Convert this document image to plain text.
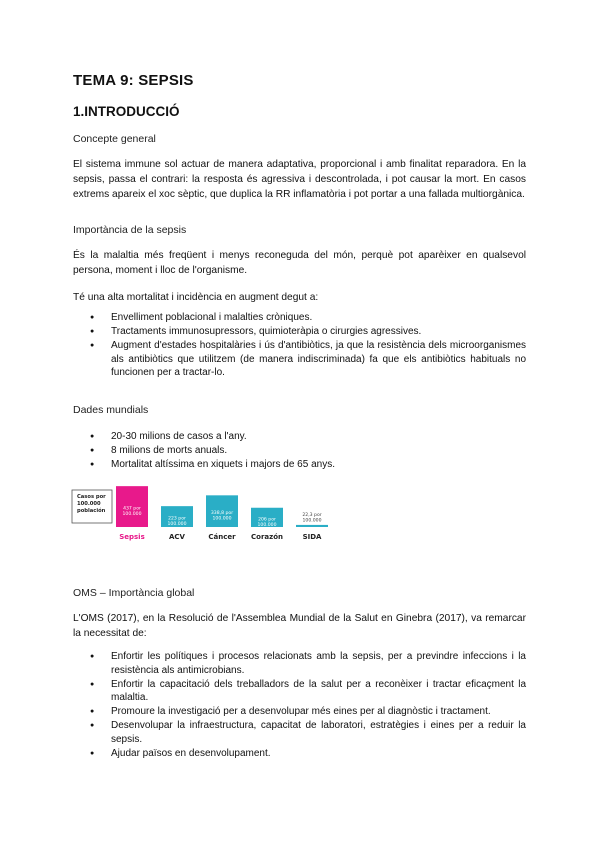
TEMA 9: SEPSIS
1.INTRODUCCIÓ
Concepte general
El sistema immune sol actuar de manera adaptativa, proporcional i amb finalitat reparadora. En la sepsis, passa el contrari: la resposta és agressiva i descontrolada, i pot causar la mort. En casos extrems apareix el xoc sèptic, que duplica la RR inflamatòria i pot portar a una fallada multiorgànica.
Importància de la sepsis
És la malaltia més freqüent i menys reconeguda del món, perquè pot aparèixer en qualsevol persona, moment i lloc de l'organisme.
Té una alta mortalitat i incidència en augment degut a:
● Envelliment poblacional i malalties cròniques.
● Tractaments immunosupressors, quimioteràpia o cirurgies agressives.
● Augment d'estades hospitalàries i ús d'antibiòtics, ja que la resistència dels microorganismes als antibiòtics que utilitzem (de manera indiscriminada) fa que els antibiòtics habituals no funcionen per a tractar-lo.
Dades mundials
● 20-30 milions de casos a l'any.
● 8 milions de morts anuals.
● Mortalitat altíssima en xiquets i majors de 65 anys.
Casos por 100.000 población	437 por 100.000
Sepsis
223 por 100.000
ACV
338,8 por 100.000
Cáncer
206 por 100.000
Corazón
22,3 por 100.000
SIDA
OMS – Importància global
L'OMS (2017), en la Resolució de l'Assemblea Mundial de la Salut en Ginebra (2017), va remarcar la necessitat de:
● Enfortir les polítiques i procesos relacionats amb la sepsis, per a previndre infeccions i la resistència als antimicrobians.
● Enfortir la capacitació dels treballadors de la salut per a reconèixer i tractar eficaçment la malaltia.
● Promoure la investigació per a desenvolupar més eines per al diagnòstic i tractament.
● Desenvolupar la infraestructura, capacitat de laboratori, estratègies i eines per a reduir la sepsis.
● Ajudar països en desenvolupament.
